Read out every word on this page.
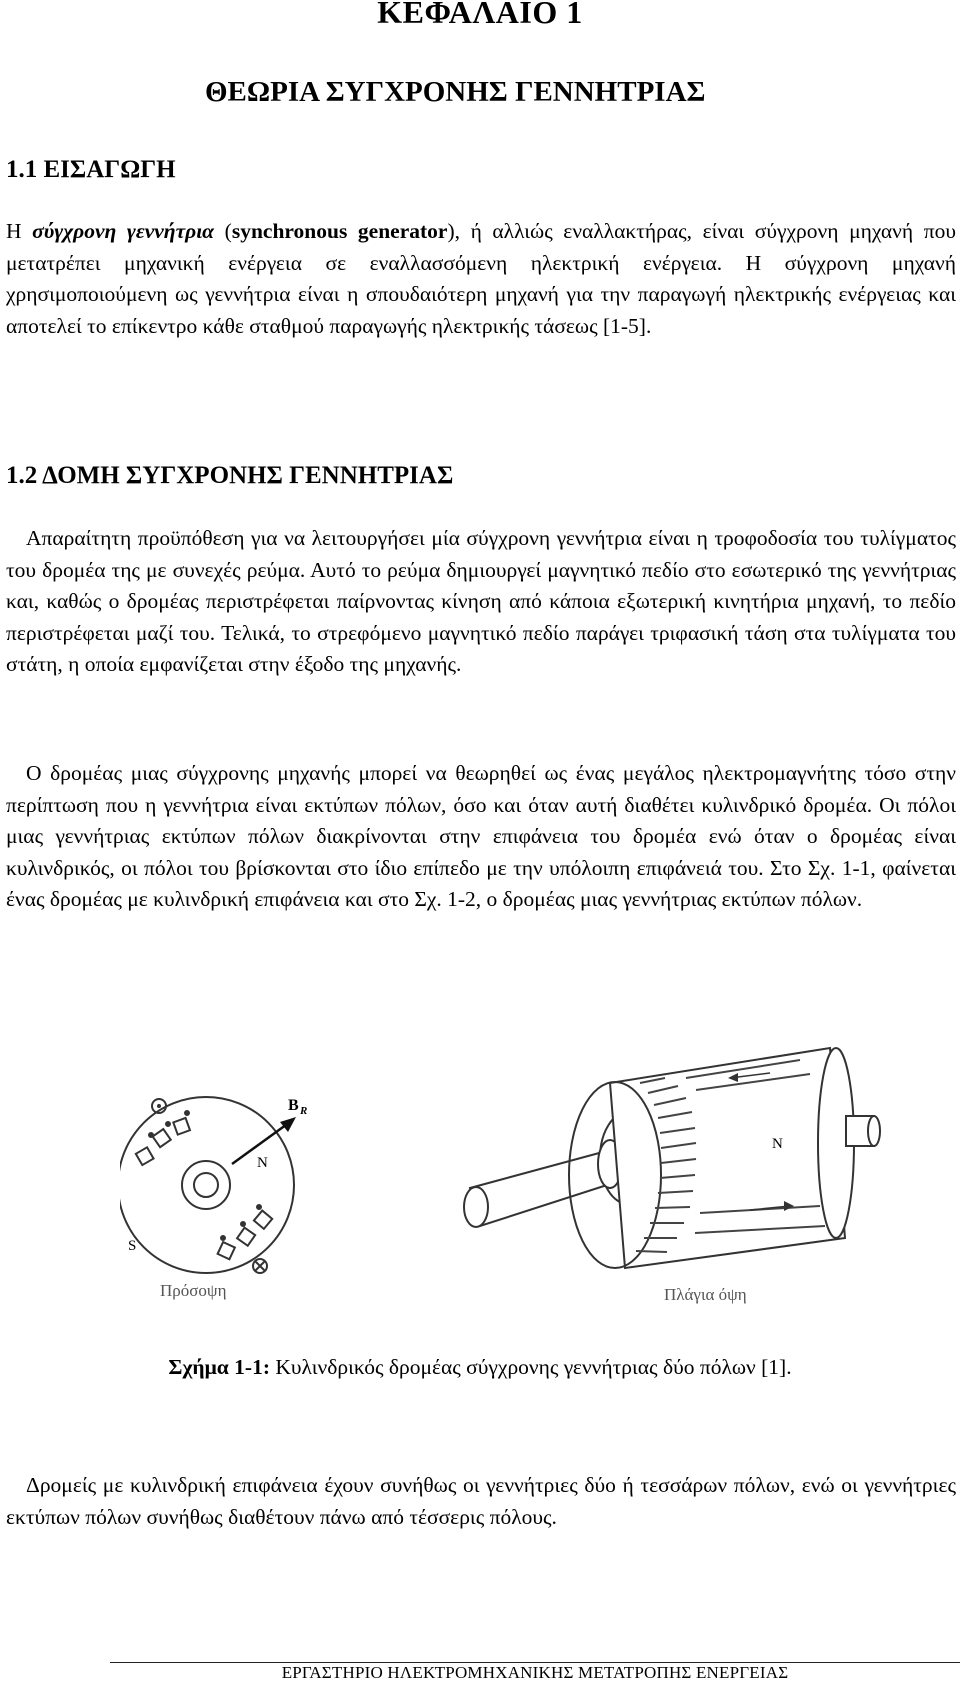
ΚΕΦΑΛΑΙΟ 1
ΘΕΩΡΙΑ ΣΥΓΧΡΟΝΗΣ ΓΕΝΝΗΤΡΙΑΣ
1.1 ΕΙΣΑΓΩΓΗ
Η σύγχρονη γεννήτρια (synchronous generator), ή αλλιώς εναλλακτήρας, είναι σύγχρονη μηχανή που μετατρέπει μηχανική ενέργεια σε εναλλασσόμενη ηλεκτρική ενέργεια. Η σύγχρονη μηχανή χρησιμοποιούμενη ως γεννήτρια είναι η σπουδαιότερη μηχανή για την παραγωγή ηλεκτρικής ενέργειας και αποτελεί το επίκεντρο κάθε σταθμού παραγωγής ηλεκτρικής τάσεως [1-5].
1.2 ΔΟΜΗ ΣΥΓΧΡΟΝΗΣ ΓΕΝΝΗΤΡΙΑΣ
Απαραίτητη προϋπόθεση για να λειτουργήσει μία σύγχρονη γεννήτρια είναι η τροφοδοσία του τυλίγματος του δρομέα της με συνεχές ρεύμα. Αυτό το ρεύμα δημιουργεί μαγνητικό πεδίο στο εσωτερικό της γεννήτριας και, καθώς ο δρομέας περιστρέφεται παίρνοντας κίνηση από κάποια εξωτερική κινητήρια μηχανή, το πεδίο περιστρέφεται μαζί του. Τελικά, το στρεφόμενο μαγνητικό πεδίο παράγει τριφασική τάση στα τυλίγματα του στάτη, η οποία εμφανίζεται στην έξοδο της μηχανής.
Ο δρομέας μιας σύγχρονης μηχανής μπορεί να θεωρηθεί ως ένας μεγάλος ηλεκτρομαγνήτης τόσο στην περίπτωση που η γεννήτρια είναι εκτύπων πόλων, όσο και όταν αυτή διαθέτει κυλινδρικό δρομέα. Οι πόλοι μιας γεννήτριας εκτύπων πόλων διακρίνονται στην επιφάνεια του δρομέα ενώ όταν ο δρομέας είναι κυλινδρικός, οι πόλοι του βρίσκονται στο ίδιο επίπεδο με την υπόλοιπη επιφάνειά του. Στο Σχ. 1-1, φαίνεται ένας δρομέας με κυλινδρική επιφάνεια και στο Σχ. 1-2, ο δρομέας μιας γεννήτριας εκτύπων πόλων.
B R
N
S
Πρόσοψη
N
Πλάγια όψη
Σχήμα 1-1: Κυλινδρικός δρομέας σύγχρονης γεννήτριας δύο πόλων [1].
Δρομείς με κυλινδρική επιφάνεια έχουν συνήθως οι γεννήτριες δύο ή τεσσάρων πόλων, ενώ οι γεννήτριες εκτύπων πόλων συνήθως διαθέτουν πάνω από τέσσερις πόλους.
ΕΡΓΑΣΤΗΡΙΟ ΗΛΕΚΤΡΟΜΗΧΑΝΙΚΗΣ ΜΕΤΑΤΡΟΠΗΣ ΕΝΕΡΓΕΙΑΣ
